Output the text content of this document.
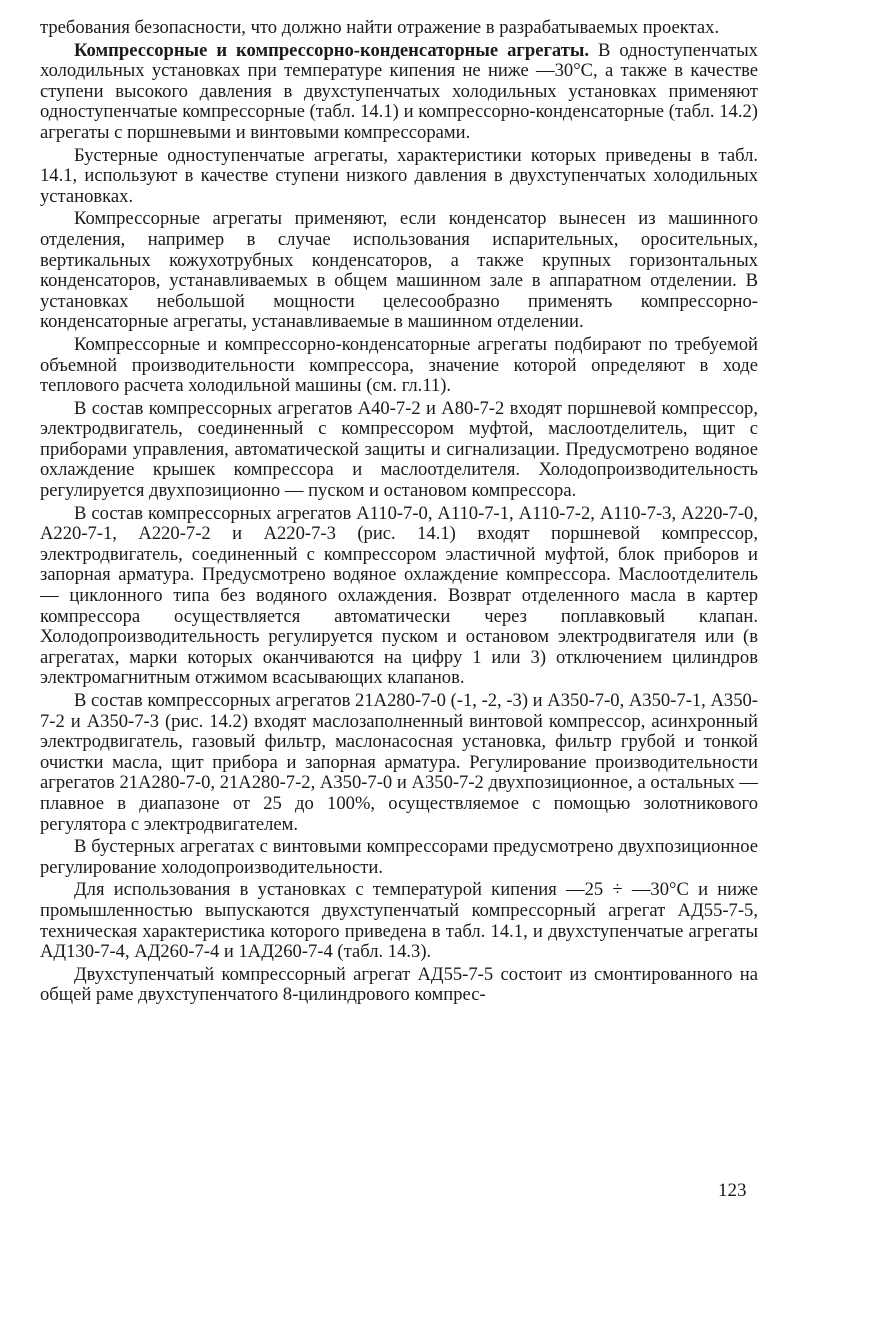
требования безопасности, что должно найти отражение в разрабатываемых проектах.

Компрессорные и компрессорно-конденсаторные агрегаты. В одноступенчатых холодильных установках при температуре кипения не ниже —30°С, а также в качестве ступени высокого давления в двухступенчатых холодильных установках применяют одноступенчатые компрессорные (табл. 14.1) и компрессорно-конденсаторные (табл. 14.2) агрегаты с поршневыми и винтовыми компрессорами.

Бустерные одноступенчатые агрегаты, характеристики которых приведены в табл. 14.1, используют в качестве ступени низкого давления в двухступенчатых холодильных установках.

Компрессорные агрегаты применяют, если конденсатор вынесен из машинного отделения, например в случае использования испарительных, оросительных, вертикальных кожухотрубных конденсаторов, а также крупных горизонтальных конденсаторов, устанавливаемых в общем машинном зале в аппаратном отделении. В установках небольшой мощности целесообразно применять компрессорно-конденсаторные агрегаты, устанавливаемые в машинном отделении.

Компрессорные и компрессорно-конденсаторные агрегаты подбирают по требуемой объемной производительности компрессора, значение которой определяют в ходе теплового расчета холодильной машины (см. гл.11).

В состав компрессорных агрегатов А40-7-2 и А80-7-2 входят поршневой компрессор, электродвигатель, соединенный с компрессором муфтой, маслоотделитель, щит с приборами управления, автоматической защиты и сигнализации. Предусмотрено водяное охлаждение крышек компрессора и маслоотделителя. Холодопроизводительность регулируется двухпозиционно — пуском и остановом компрессора.

В состав компрессорных агрегатов А110-7-0, А110-7-1, А110-7-2, А110-7-3, А220-7-0, А220-7-1, А220-7-2 и А220-7-3 (рис. 14.1) входят поршневой компрессор, электродвигатель, соединенный с компрессором эластичной муфтой, блок приборов и запорная арматура. Предусмотрено водяное охлаждение компрессора. Маслоотделитель — циклонного типа без водяного охлаждения. Возврат отделенного масла в картер компрессора осуществляется автоматически через поплавковый клапан. Холодопроизводительность регулируется пуском и остановом электродвигателя или (в агрегатах, марки которых оканчиваются на цифру 1 или 3) отключением цилиндров электромагнитным отжимом всасывающих клапанов.

В состав компрессорных агрегатов 21А280-7-0 (-1, -2, -3) и А350-7-0, А350-7-1, А350-7-2 и А350-7-3 (рис. 14.2) входят маслозаполненный винтовой компрессор, асинхронный электродвигатель, газовый фильтр, маслонасосная установка, фильтр грубой и тонкой очистки масла, щит прибора и запорная арматура. Регулирование производительности агрегатов 21А280-7-0, 21А280-7-2, А350-7-0 и А350-7-2 двухпозиционное, а остальных — плавное в диапазоне от 25 до 100%, осуществляемое с помощью золотникового регулятора с электродвигателем.

В бустерных агрегатах с винтовыми компрессорами предусмотрено двухпозиционное регулирование холодопроизводительности.

Для использования в установках с температурой кипения —25 ÷ —30°С и ниже промышленностью выпускаются двухступенчатый компрессорный агрегат АД55-7-5, техническая характеристика которого приведена в табл. 14.1, и двухступенчатые агрегаты АД130-7-4, АД260-7-4 и 1АД260-7-4 (табл. 14.3).

Двухступенчатый компрессорный агрегат АД55-7-5 состоит из смонтированного на общей раме двухступенчатого 8-цилиндрового компрес-

123
